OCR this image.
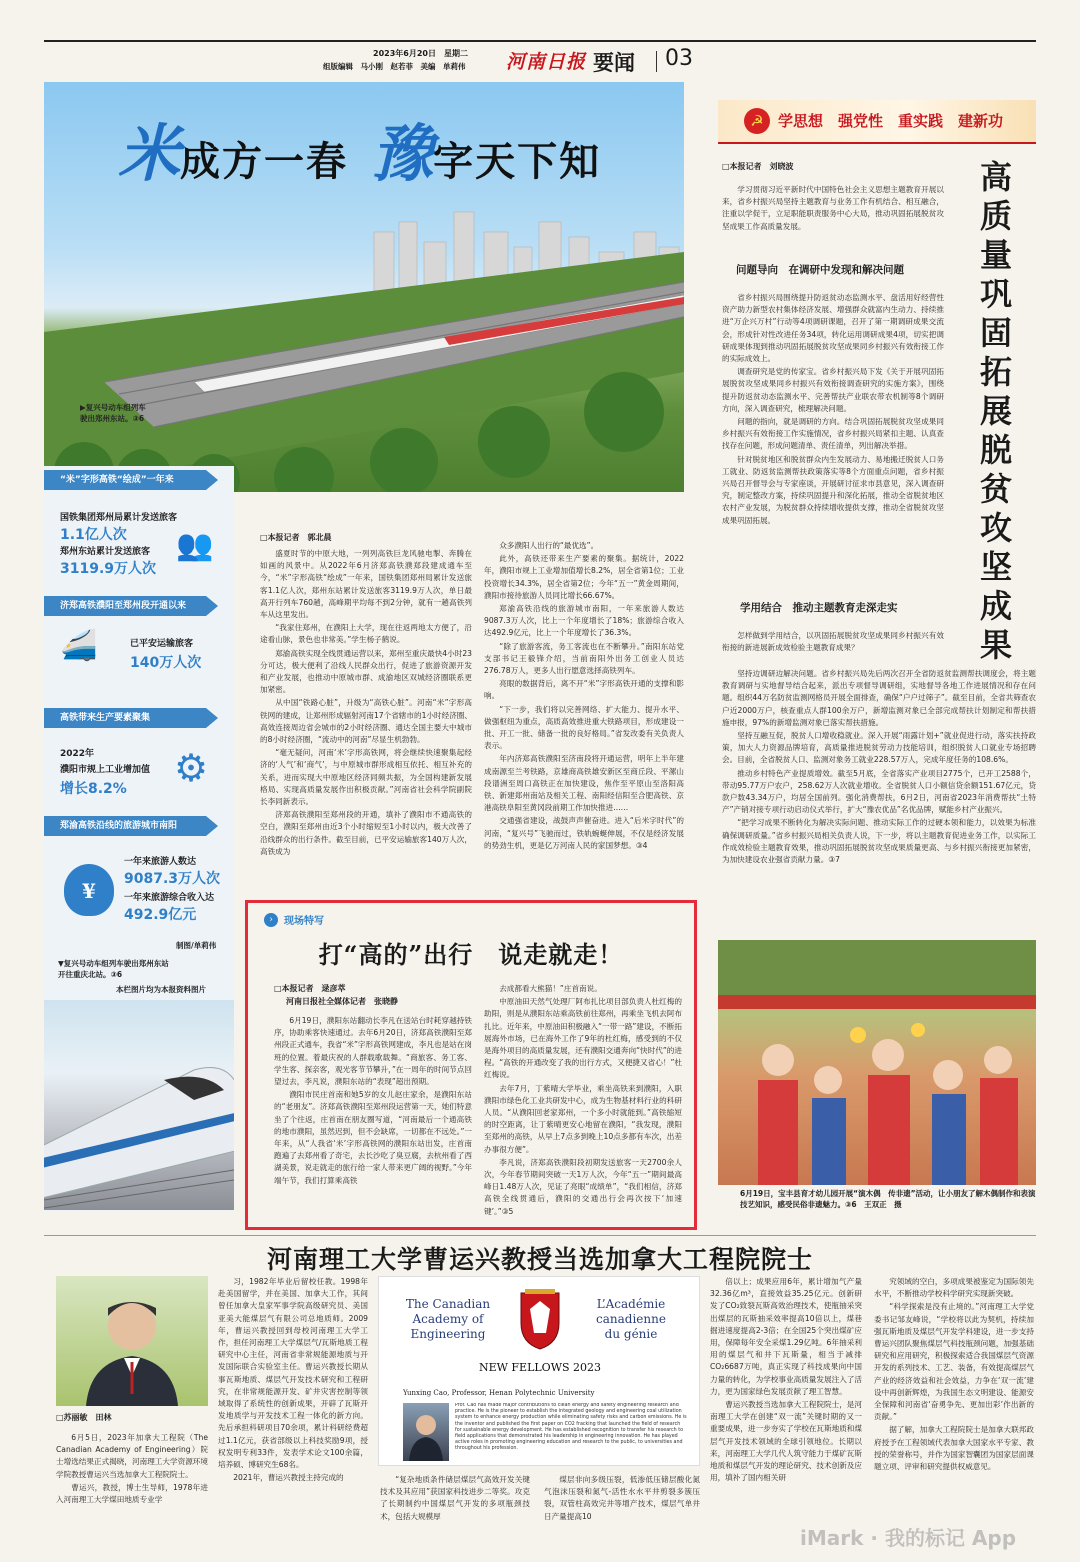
2023年6月20日　星期二
组版编辑　马小刚　赵若菲　美编　单莉伟 河南日报 要闻 03
米成方一春 豫字天下知
▶复兴号动车组列车
驶出郑州东站。③6
“米”字形高铁“绘成”一年来
国铁集团郑州局累计发送旅客
1.1亿人次
郑州东站累计发送旅客
3119.9万人次
👥
济郑高铁濮阳至郑州段开通以来
🚄	已平安运输旅客
140万人次
高铁带来生产要素聚集
2022年
濮阳市规上工业增加值
增长8.2% ⚙
郑渝高铁沿线的旅游城市南阳
¥
一年来旅游人数达
9087.3万人次
一年来旅游综合收入达
492.9亿元
制图/单莉伟
▼复兴号动车组列车驶出郑州东站
开往重庆北站。③6
本栏图片均为本报资料图片
□本报记者　郭北晨

盛夏时节的中原大地，一列列高铁巨龙风驰电掣、奔腾在如画的风景中。从2022年6月济郑高铁濮郑段建成通车至今，“米”字形高铁“绘成”一年来，国铁集团郑州局累计发送旅客1.1亿人次，郑州东站累计发送旅客3119.9万人次，单日最高开行列车760趟，高峰期平均每不到2分钟，就有一趟高铁列车从这里发出。

“我家住郑州，在濮阳上大学，现在往返两地太方便了，沿途看山脉，景色也非常美。”学生杨子鹤说。

郑渝高铁实现全线贯通运营以来，郑州至重庆最快4小时23分可达，极大便利了沿线人民群众出行，促进了旅游资源开发和产业发展，也推动中原城市群、成渝地区双城经济圈联系更加紧密。

从中国“铁路心脏”，升级为“高铁心脏”。河南“米”字形高铁网的建成，让郑州形成辐射河南17个省辖市的1小时经济圈、高效连接周边省会城市的2小时经济圈、通达全国主要大中城市的8小时经济圈，“流动中的河南”尽显生机勃勃。

“毫无疑问，河南‘米’字形高铁网，将会继续快速聚集起经济的‘人气’和‘商气’，与中原城市群形成相互依托、相互补充的关系，进而实现大中原地区经济同频共振，为全国构建新发展格局、实现高质量发展作出积极贡献。”河南省社会科学院副院长李同新表示。

济郑高铁濮阳至郑州段的开通，填补了濮阳市不通高铁的空白，濮阳至郑州由近3个小时缩短至1小时以内，极大改善了沿线群众的出行条件。截至目前，已平安运输旅客140万人次，高铁成为

众多濮阳人出行的“最优选”。

此外，高铁还带来生产要素的聚集。据统计，2022年，濮阳市规上工业增加值增长8.2%，居全省第1位；工业投资增长34.3%，居全省第2位；今年“五一”黄金周期间，濮阳市接待旅游人员同比增长66.67%。

郑渝高铁沿线的旅游城市南阳，一年来旅游人数达9087.3万人次，比上一个年度增长了18%；旅游综合收入达492.9亿元，比上一个年度增长了36.3%。

“除了旅游客流，务工客流也在不断攀升。”南阳东站党支部书记王毅锋介绍，当前南阳外出务工创业人员达276.78万人，更多人出行愿意选择高铁列车。

亮眼的数据背后，离不开“米”字形高铁开通的支撑和影响。

“下一步，我们将以完善网络、扩大能力、提升水平、做强枢纽为重点，高质高效推进重大铁路项目，形成建设一批、开工一批、储备一批的良好格局。”省发改委有关负责人表示。

年内济郑高铁濮阳至济南段将开通运营，明年上半年建成南源至兰考铁路，京雄商高铁雄安新区至商丘段、平漯山段谱洲至周口高铁正在加快建设，焦作至平原山至洛阳高铁、新建郑州南站及相关工程、南阳经信阳至合肥高铁、京港高铁阜阳至黄冈段前期工作加快推进……

交通强省建设，战鼓声声催奋进。进入“后米字时代”的河南，“复兴号”飞驰而过，铁轨蜿蜒伸展，不仅是经济发展的势劲生机，更是亿万河南人民的家国梦想。③4

›	现场特写
打“高的”出行　说走就走！
□本报记者　逯彦萃
河南日报社全媒体记者　张晓静

6月19日，濮阳东站翻动长李凡在送站台时耗穿越持铁序，协助乘客快速通过。去年6月20日，济郑高铁濮阳至郑州段正式通车，我省“米”字形高铁网建成，李凡也是站在岗班的位置。着最庆祝的人群载歌载舞。“商旅客、务工客、学生客、探亲客，观光客节节攀升，”在一周年的时间节点回望过去，李凡说，濮阳东站的“表现”超出预期。

濮阳市民庄首南和她5岁的女儿赵庄家余，是濮阳东站的“老朋友”。济郑高铁濮阳至郑州段运营第一天，她们特意坐了个往返，庄首南在朋友圈写道，“河南最后一个通高铁的地市濮阳，虽然迟到，但不会缺席，一切都在不远处。”一年来，从“人我省‘米’字形高铁网的濮阳东站出发，庄首南跑遍了去郑州看了奇宅，去长沙吃了臭豆腐，去杭州看了西湖美景，说走就走的旅行给一家人带来更广阔的视野。”今年端午节，我们打算乘高铁

去成都看大熊猫！”庄首南说。

中原油田天然气处理厂阿布扎比项目部负责人杜红梅的助阳，则是从濮阳东站乘高铁前往郑州，再乘坐飞机去阿布扎比。近年来，中原油田积极融入“一带一路”建设，不断拓展海外市场，已在海外工作了9年的杜红梅，感受到的不仅是海外项目的高质量发展，还有濮阳交通奔向“快时代”的进程。“高铁的开通改变了我的出行方式，又便捷又省心！”杜红梅说。

去年7月，丁紫晴大学毕业，乘坐高铁来到濮阳，入职濮阳市绿色化工业共研发中心，成为生物基材料行业的科研人员。“从濮阳回老家郑州，一个多小时就能到。”高铁缩短的时空距离，让丁紫晴更安心地留在濮阳，“我发现，濮阳至郑州的高铁，从早上7点多到晚上10点多都有车次，出差办事很方便”。

李凡说，济郑高铁濮阳段初期发送旅客一天2700余人次，今年春节期间突破一天1万人次，今年“五一”期间最高峰日1.48万人次，见证了亮眼“成绩单”，“我们相信，济郑高铁全线贯通后，濮阳的交通出行会再次按下‘加速键’。”③5

☭ 学思想　强党性　重实践　建新功
□本报记者　刘晓波

学习贯彻习近平新时代中国特色社会主义思想主题教育开展以来，省乡村振兴局坚持主题教育与业务工作有机结合、相互融合，注重以学促干，立足职能职责服务中心大局，推动巩固拓展脱贫攻坚成果工作高质量发展。

问题导向　在调研中发现和解决问题

省乡村振兴局围绕提升防返贫动态监测水平、盘活用好经营性资产助力新型农村集体经济发展、增强群众就富内生动力、持续推进“万企兴万村”行动等4项调研课题，召开了第一期调研成果交流会，形成针对性改进任务34项，转化运用调研成果4项，切实把调研成果体现到推动巩固拓展脱贫攻坚成果同乡村振兴有效衔接工作的实际成效上。

调查研究是党的传家宝。省乡村振兴局下发《关于开展巩固拓展脱贫攻坚成果同乡村振兴有效衔接调查研究的实施方案》，围绕提升防返贫动态监测水平、完善帮扶产业联农带农机制等8个调研方向，深入调查研究，梳理解决问题。

问题的指向，就是调研的方向。结合巩固拓展脱贫攻坚成果同乡村振兴有效衔接工作实施情况，省乡村振兴局紧扣主题、认真查找存在问题，形成问题清单、责任清单，列出解决举措。

针对脱贫地区和脱贫群众内生发展动力、易地搬迁脱贫人口务工就业、防返贫监测帮扶政策落实等8个方面重点问题，省乡村振兴局召开督导会与专家座谈，开展研讨征求市县意见，深入调查研究，制定整改方案，持续巩固提升和深化拓展，推动全省脱贫地区农村产业发展，为脱贫群众持续增收提供支撑，推动全省脱贫攻坚成果巩固拓展。

学用结合　推动主题教育走深走实

怎样做到学用结合，以巩固拓展脱贫攻坚成果同乡村振兴有效衔接的新进展新成效检验主题教育成果？

坚持边调研边解决问题。省乡村振兴局先后两次召开全省防返贫监测帮扶调度会，将主题教育调研与实地督导结合起来，派出专项督导调研组，实地督导各地工作进展情况和存在问题。组织44万名防贫监测网格员开展全面排查，确保“户户过筛子”。截至目前，全省共筛查农户近2000万户，核查重点人群100余万户，新增监测对象已全部完成帮扶计划制定和帮扶措施申报，97%的新增监测对象已落实帮扶措施。

坚持互融互促，脱贫人口增收稳就业。深入开展“雨露计划+”就业促进行动，落实扶持政策，加大人力资源品牌培育，高质量推进脱贫劳动力技能培训，组织脱贫人口就业专场招聘会。目前，全省脱贫人口、监测对象务工就业228.57万人，完成年度任务的108.6%。

推动乡村特色产业提质增效。截至5月底，全省落实产业项目2775个，已开工2588个，带动95.77万户农户，258.62万人次就业增收。全省脱贫人口小额信贷余额151.67亿元，贷款户数43.34万户，均居全国前列。强化消费帮扶，6月2日，河南省2023年消费帮扶“土特产”产销对接专项行动启动仪式举行，扩大“豫农优品”名优品牌，赋能乡村产业振兴。

“把学习成果不断转化为解决实际问题、推动实际工作的过硬本领和能力，以效果为标准确保调研质量。”省乡村振兴局相关负责人说，下一步，将以主题教育促进业务工作，以实际工作成效检验主题教育效果，推动巩固拓展脱贫攻坚成果质量更高、与乡村振兴衔接更加紧密，为加快建设农业强省贡献力量。③7

高
质
量
巩
固
拓
展
脱
贫
攻
坚
成
果
6月19日，宝丰县育才幼儿园开展“演木偶　传非遗”活动，让小朋友了解木偶制作和表演技艺知识，感受民俗非遗魅力。③6　王双正　摄
河南理工大学曹运兴教授当选加拿大工程院院士
□苏丽敏　田林

6月5日，2023年加拿大工程院（The Canadian Academy of Engineering）院士增选结果正式揭晓，河南理工大学资源环境学院教授曹运兴当选加拿大工程院院士。

曹运兴，教授，博士生导师，1978年进入河南理工大学煤田地质专业学

习，1982年毕业后留校任教。1998年赴美国留学，并在美国、加拿大工作，其间曾任加拿大皇家军事学院高级研究员、美国亚美大能煤层气有限公司总地质师。2009年，曹运兴教授回到母校河南理工大学工作，担任河南理工大学煤层气/瓦斯地质工程研究中心主任，河南省非常规能源地质与开发国际联合实验室主任。曹运兴教授长期从事瓦斯地质、煤层气开发技术研究和工程研究，在非常规能源开发、矿井灾害控制等领域取得了系统性的创新成果，开辟了瓦斯开发地质学与开发技术工程一体化的新方向。先后承担科研项目70余项，累计科研经费超过1.1亿元，获省部级以上科技奖励9项，授权发明专利33件，发表学术论文100余篇，培养硕、博研究生68名。

2021年，曹运兴教授主持完成的

The Canadian
Academy of
Engineering
L’Académie
canadienne
du génie
NEW FELLOWS 2023
Yunxing Cao, Professor, Henan Polytechnic University
Prof. Cao has made major contributions to clean energy and safety engineering research and practice. He is the pioneer to establish the integrated geology and engineering coal utilization system to enhance energy production while eliminating safety risks and carbon emissions. He is the inventor and published the first paper on CO2 fracking that launched the field of research for sustainable energy development. He has established recognition to transfer his research to field applications that demonstrated his leadership in engineering innovation. He has played active roles in promoting engineering education and research to the public, to universities and throughout his profession.

“复杂地质条件储层煤层气高效开发关键技术及其应用”获国家科技进步二等奖。攻克了长期制约中国煤层气开发的多项瓶颈技术，包括大规模厚

煤层非向多级压裂，低渗低压储层酸化氮气泡沫压裂和氮气-活性水水平井剪裂多簇压裂，双管柱高效完井等增产技术，煤层气单井日产量提高10

倍以上；成果应用6年，累计增加气产量32.36亿m³，直接效益35.25亿元。创新研发了CO₂致裂瓦斯高效治理技术，使瓶抽采突出煤层的瓦斯抽采效率提高10倍以上，煤巷掘进速度提高2-3倍；在全国25个突出煤矿应用，保障每年安全采煤1.29亿吨。6年抽采利用的煤层气和井下瓦斯量，相当于减排CO₂6687万吨，真正实现了科技成果向中国力量的转化，为学校事业高质量发展注入了活力，更为国家绿色发展贡献了理工智慧。

曹运兴教授当选加拿大工程院院士，是河南理工大学在创建“双一流”关键时期的又一重要成果，进一步夯实了学校在瓦斯地质和煤层气开发技术领域的全球引领地位。长期以来，河南理工大学几代人筑守能力于煤矿瓦斯地质和煤层气开发的理论研究、技术创新及应用，填补了国内相关研

究领域的空白，多项成果被鉴定为国际领先水平，不断推动学校科学研究实现新突破。

“科学探索是没有止境的。”河南理工大学党委书记邹友峰说，“学校将以此为契机，持续加强瓦斯地质及煤层气开发学科建设，进一步支持曹运兴团队聚焦煤层气科技瓶颈问题，加强基础研究和应用研究，积极探索适合我国煤层气资源开发的系列技术、工艺、装备，有效提高煤层气产业的经济效益和社会效益，力争在‘双一流’建设中再创新辉煌，为我国生态文明建设、能源安全保障和河南省‘奋勇争先、更加出彩’作出新的贡献。”

据了解，加拿大工程院院士是加拿大联邦政府授予在工程领域代表加拿大国家水平专家、教授的荣誉称号，并作为国家智囊团为国家层面课题立项、评审和研究提供权威意见。

iMark · 我的标记 App
